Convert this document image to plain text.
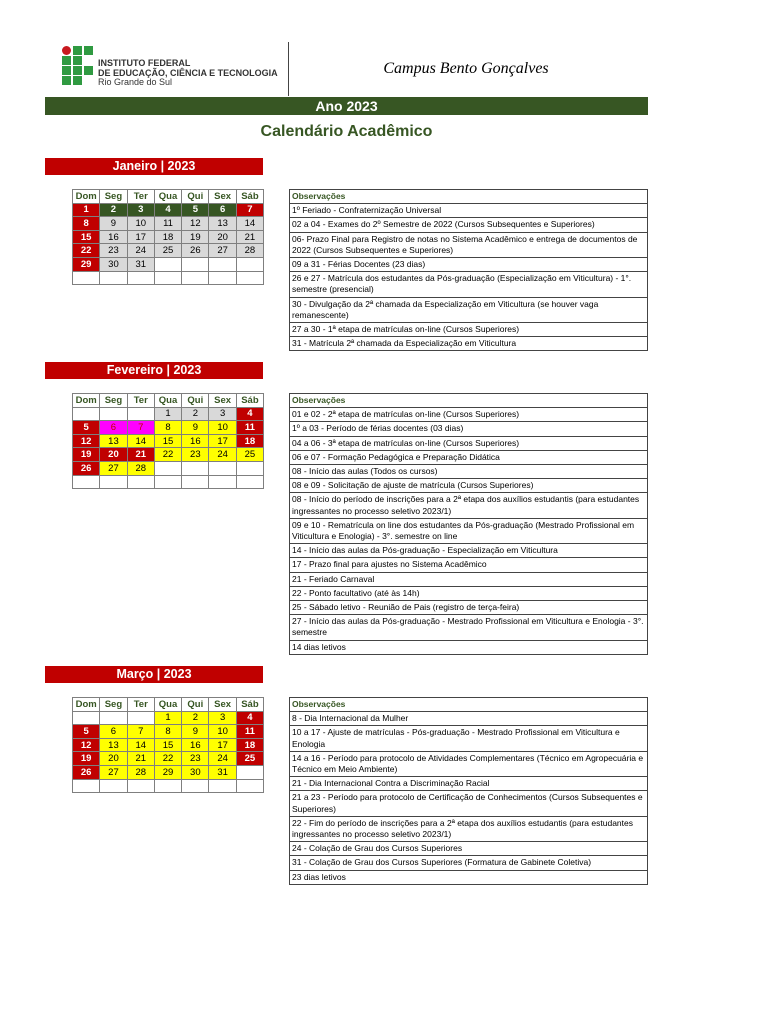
INSTITUTO FEDERAL
DE EDUCAÇÃO, CIÊNCIA E TECNOLOGIA
Rio Grande do Sul
Campus Bento Gonçalves
Ano 2023
Calendário Acadêmico
Janeiro | 2023
Dom	Seg	Ter	Qua	Qui	Sex	Sáb
1	2	3	4	5	6	7
8	9	10	11	12	13	14
15	16	17	18	19	20	21
22	23	24	25	26	27	28
29	30	31				

Observações
1º Feriado - Confraternização Universal
02 a 04 - Exames do 2º Semestre de 2022 (Cursos Subsequentes e Superiores)
06- Prazo Final para Registro de notas no Sistema Acadêmico e entrega de documentos de 2022 (Cursos Subsequentes e Superiores)
09 a 31 - Férias Docentes (23 dias)
26 e 27 - Matrícula dos estudantes da Pós-graduação (Especialização em Viticultura) - 1°. semestre (presencial)
30 - Divulgação da 2ª chamada da Especialização em Viticultura (se houver vaga remanescente)
27 a 30 - 1ª etapa de matrículas on-line (Cursos Superiores)
31 - Matrícula 2ª chamada da Especialização em Viticultura
Fevereiro | 2023
Dom	Seg	Ter	Qua	Qui	Sex	Sáb
			1	2	3	4
5	6	7	8	9	10	11
12	13	14	15	16	17	18
19	20	21	22	23	24	25
26	27	28				

Observações
01 e 02 - 2ª etapa de matrículas on-line (Cursos Superiores)
1º a 03 - Período de férias docentes (03 dias)
04 a 06 - 3ª etapa de matrículas on-line (Cursos Superiores)
06 e 07 - Formação Pedagógica e Preparação Didática
08 - Início das aulas (Todos os cursos)
08 e 09 - Solicitação de ajuste de matrícula (Cursos Superiores)
08 - Início do período de inscrições para a 2ª etapa dos auxílios estudantis (para estudantes ingressantes no processo seletivo 2023/1)
09 e 10 - Rematrícula on line dos estudantes da Pós-graduação (Mestrado Profissional em Viticultura e Enologia) - 3°. semestre on line
14 - Início das aulas da Pós-graduação - Especialização em Viticultura
17 - Prazo final para ajustes no Sistema Acadêmico
21 - Feriado Carnaval
22 - Ponto facultativo (até às 14h)
25 - Sábado letivo - Reunião de Pais (registro de terça-feira)
27 - Início das aulas da Pós-graduação - Mestrado Profissional em Viticultura e Enologia - 3°. semestre
14 dias letivos
Março | 2023
Dom	Seg	Ter	Qua	Qui	Sex	Sáb
			1	2	3	4
5	6	7	8	9	10	11
12	13	14	15	16	17	18
19	20	21	22	23	24	25
26	27	28	29	30	31	

Observações
8 - Dia Internacional da Mulher
10 a 17 - Ajuste de matrículas - Pós-graduação - Mestrado Profissional em Viticultura e Enologia
14 a 16 - Período para protocolo de Atividades Complementares (Técnico em Agropecuária e Técnico em Meio Ambiente)
21 - Dia Internacional Contra a Discriminação Racial
21 a 23 - Período para protocolo de Certificação de Conhecimentos (Cursos Subsequentes e Superiores)
22 - Fim do período de inscrições para a 2ª etapa dos auxílios estudantis (para estudantes ingressantes no processo seletivo 2023/1)
24 - Colação de Grau dos Cursos Superiores
31 - Colação de Grau dos Cursos Superiores (Formatura de Gabinete Coletiva)
23 dias letivos
